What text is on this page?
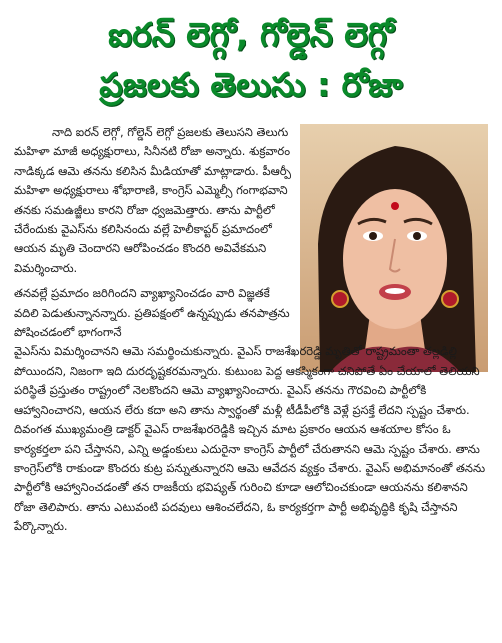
ఐరన్ లెగ్గో, గోల్డెన్ లెగ్గో
ప్రజలకు తెలుసు : రోజా

నాది ఐరన్ లెగ్గో, గోల్డెన్ లెగ్గో ప్రజలకు తెలుసని తెలుగు మహిళా మాజీ అధ్యక్షురాలు, సినీనటి రోజా అన్నారు. శుక్రవారం నాడిక్కడ ఆమె తనను కలిసిన మీడియాతో మాట్లాడారు. పీఆర్పీ మహిళా అధ్యక్షురాలు శోభారాణి, కాంగ్రెస్ ఎమ్మెల్సీ గంగాభవాని తనకు సమఉజ్జీలు కారని రోజా ధ్వజమెత్తారు. తాను పార్టీలో చేరేందుకు వైఎస్‌ను కలిసినందు వల్లే హెలీకాప్టర్ ప్రమాదంలో ఆయన మృతి చెందారని ఆరోపించడం కొందరి అవివేకమని విమర్శించారు.

తనవల్లే ప్రమాదం జరిగిందని వ్యాఖ్యానించడం వారి విజ్ఞతకే వదిలి పెడుతున్నానన్నారు. ప్రతిపక్షంలో ఉన్నప్పుడు తనపాత్రను పోషించడంలో భాగంగానే
వైఎస్‌ను విమర్శించానని ఆమె సమర్థించుకున్నారు. వైఎస్ రాజశేఖరరెడ్డి మృతితో రాష్ట్రమంతా తల్లడిల్లి పోయిందని, నిజంగా ఇది దురదృష్టకరమన్నారు. కుటుంబ పెద్ద ఆకస్మికంగా చనిపోతే ఏం చేయాలో తెలియని పరిస్థితే ప్రస్తుతం రాష్ట్రంలో నెలకొందని ఆమె వ్యాఖ్యానించారు. వైఎస్ తనను గౌరవించి పార్టీలోకి ఆహ్వానించారని, ఆయన లేరు కదా అని తాను స్వార్థంతో మళ్లీ టీడీపీలోకి వెళ్లే ప్రసక్తే లేదని స్పష్టం చేశారు. దివంగత ముఖ్యమంత్రి డాక్టర్ వైఎస్ రాజశేఖరరెడ్డికి ఇచ్చిన మాట ప్రకారం ఆయన ఆశయాల కోసం ఓ కార్యకర్తలా పని చేస్తానని, ఎన్ని అడ్డంకులు ఎదురైనా కాంగ్రెస్ పార్టీలో చేరుతానని ఆమె స్పష్టం చేశారు. తాను కాంగ్రెస్‌లోకి రాకుండా కొందరు కుట్ర పన్నుతున్నారని ఆమె ఆవేదన వ్యక్తం చేశారు. వైఎస్ అభిమానంతో తనను పార్టీలోకి ఆహ్వానించడంతో తన రాజకీయ భవిష్యత్ గురించి కూడా ఆలోచించకుండా ఆయనను కలిశానని రోజా తెలిపారు. తాను ఎటువంటి పదవులు ఆశించలేదని, ఓ కార్యకర్తగా పార్టీ అభివృద్ధికి కృషి చేస్తానని పేర్కొన్నారు.
